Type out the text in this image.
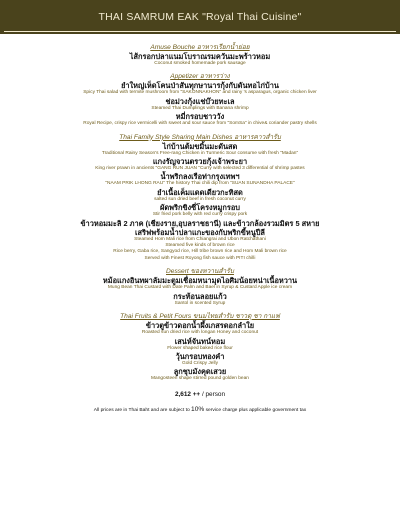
THAI SAMRUM EAK "Royal Thai Cuisine"
Amuse Bouche อาหารเรียกน้ำย่อย
ไส้กรอกปลาแนมโบราณรมควันมะพร้าวหอม
Coconut smoked homemade pork sausage
Appetizer อาหารว่าง
ยำใหญ่เห็ดโคนป่าสันทุกษานารกุ้งกับดันทอไก่บ้าน
Spicy Thai salad with termite mushroom from "SAKONNAKHON" and rainy 's asparagus, organic chicken liver
ช่อม่วงกุ้งแช่บ๊วยทะเล
Steamed Thai Dumplings with Banana shrimp
หมี่กรอบชาววัง
Royal Recipe, crispy rice vermicelli with sweet and sour sauce from "SomSa" in chive& coriander pastry shells
Thai Family Style Sharing Main Dishes อาหารคาวสำรับ
ไก่บ้านต้มขมิ้นมะดันสด
Traditional Rainy Season's Free-rang Chicken in Turmeric Sour consume with fresh "Madan"
แกงรัญจวนตรวยกุ้งเจ้าพระยา
King river prawn in ancients "GANG RUN JUAN "Curry with selected 3 differential of shrimp pastes
น้ำพริกลงเรือท่ากรุงเทพฯ
"NAAM PRIK LHONG RAU" The history Thai chili dip from "SUAN SUNANDHA PALACE"
ยำเนื้อเค็มแดดเดียวกะทิสด
salted sun dried beef in fresh coconut curry
ผัดพริกขิงซี่โครงหมูกรอบ
Stir fried pork belly with red curry crispy pork
ข้าวหอมมะลิ 2 ภาค (เชียงราย,อุบลราชธานี) และข้าวกล้องรวมมิตร 5 สหาย
เสริฟพร้อมน้ำปลาแกะของกับพริกขี้หนูปีลี
Steamed Hom Mali rice from Chiangrai and Ubon Ratchathani
Steamed five kinds of brown rice
Rice berry, Gaba rice, Sangyod rice, Hill tribe brown rice and Hom Mali brown rice
Served with Finest Royong fish sauce with PITI chilli
Dessert ของหวานสำรับ
หม้อแกงอินทผาลัมมะตูมเชื่อมหนามุดไอศิมน้อยหน่าเนื้อหวาน
Mung Bean Thai Custard with Date Palm and Bael in Syrup & Custard Apple ice cream
กระท้อนลอยแก้ว
Santol in scented Syrup
Thai Fruits & Petit Fours ขนมไทยสำรับ ชาวดุ ชา กาแฟ
ข้าวตูข้าวดอกน้ำผึ้งเกสรดอกลำใย
Roasted sun dried rice with longan Honey and coconut
เสน่ห์จันทน์หอม
Flower shaped baked rice flour
วุ้นกรอบทองคำ
Gold Crispy Jelly
ลูกชุบมังคุดเสวย
Mangosteen shape stirred pound golden bean
2,612 ++ / person
All prices are in Thai Baht and are subject to 10% service charge plus applicable government tax
